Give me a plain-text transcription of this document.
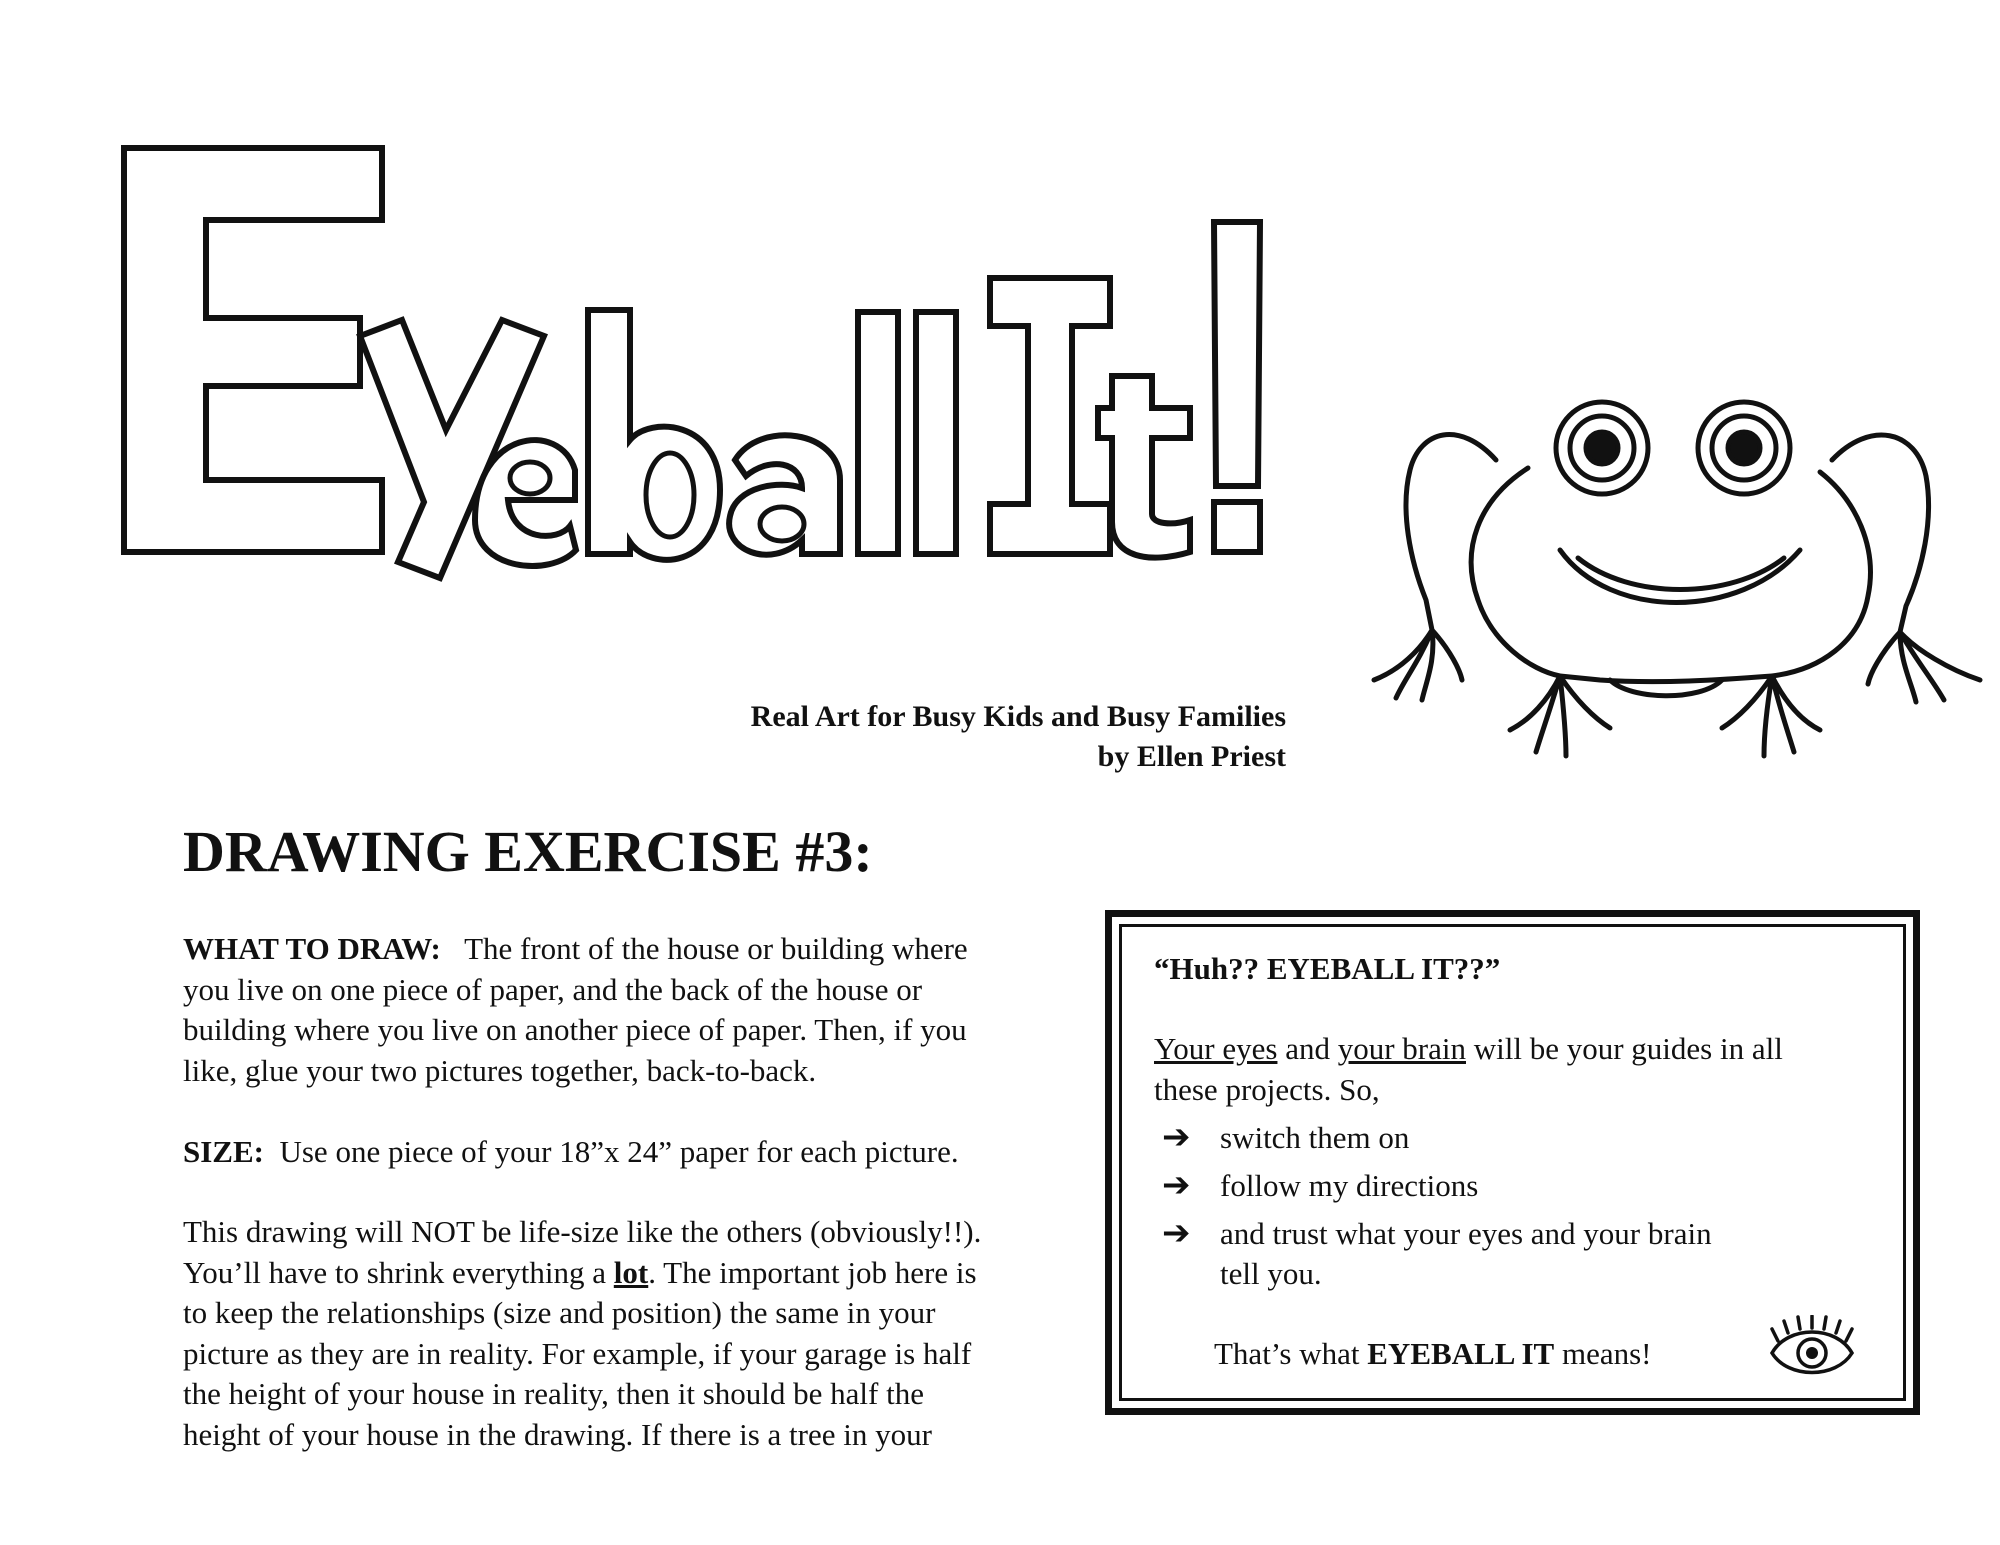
Real Art for Busy Kids and Busy Families
by Ellen Priest
DRAWING EXERCISE #3:
WHAT TO DRAW: The front of the house or building where
you live on one piece of paper, and the back of the house or
building where you live on another piece of paper. Then, if you
like, glue your two pictures together, back-to-back.
SIZE: Use one piece of your 18”x 24” paper for each picture.
This drawing will NOT be life-size like the others (obviously!!).
You’ll have to shrink everything a lot. The important job here is
to keep the relationships (size and position) the same in your
picture as they are in reality. For example, if your garage is half
the height of your house in reality, then it should be half the
height of your house in the drawing. If there is a tree in your
“Huh?? EYEBALL IT??”
Your eyes and your brain will be your guides in all
these projects. So,
➔ switch them on
➔ follow my directions
➔ and trust what your eyes and your brain
tell you.
That’s what EYEBALL IT means!
